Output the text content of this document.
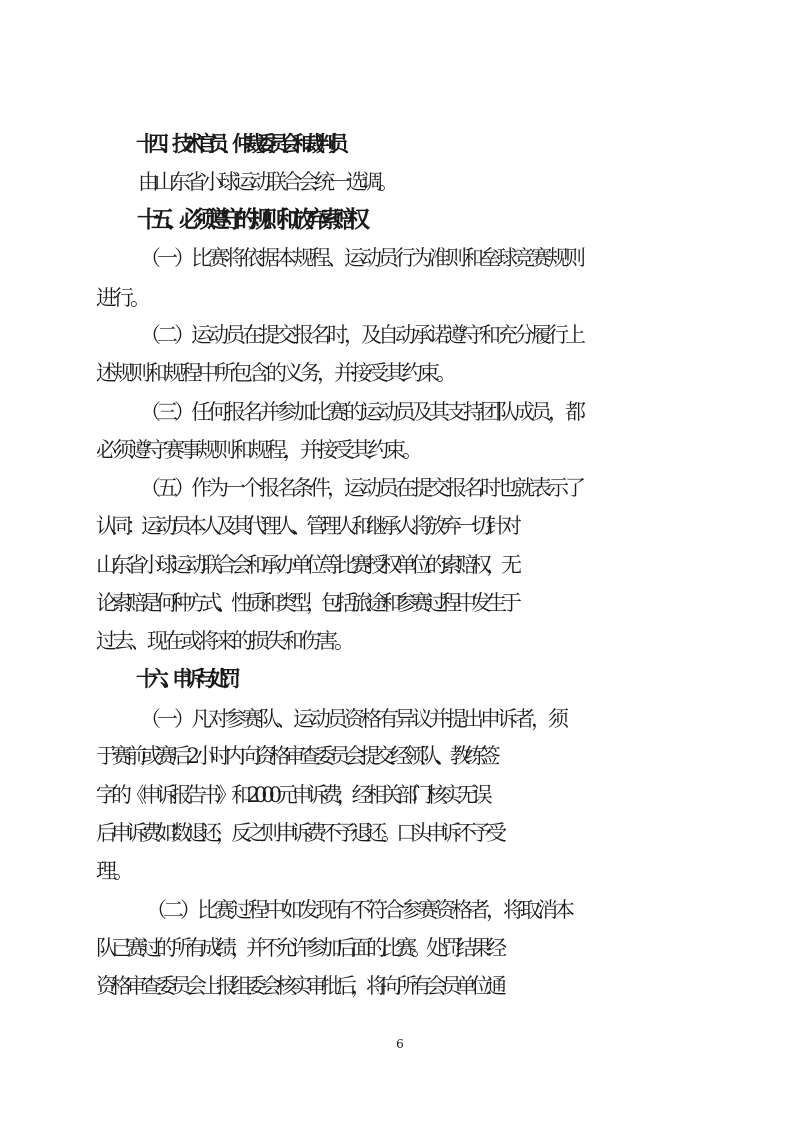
十四、技术官员、仲裁委员会和裁判员
由山东省小球运动联合会统一选调。
十五、必须遵守的规则和放弃索赔权
（一）比赛将依据本规程、运动员行为准则和垒球竞赛规则
进行。
（二）运动员在提交报名时，及自动承诺遵守和充分履行上
述规则和规程中所包含的义务，并接受其约束。
（三）任何报名并参加比赛的运动员及其支持团队成员，都
必须遵守赛事规则和规程，并接受其约束。
（五）作为一个报名条件，运动员在提交报名时也就表示了
认同：运动员本人及其代理人、管理人和继承人将放弃一切针对
山东省小球运动联合会和承办单位等比赛授权单位的索赔权，无
论索赔是何种方式、性质和类型，包括旅途和参赛过程中发生于
过去、现在或将来的损失和伤害。
十六、申诉与处罚
（一）凡对参赛队、运动员资格有异议并提出申诉者，须
于赛前或赛后 2 小时内向资格审查委员会提交经领队、教练签
字的《申诉报告书》和 2000 元申诉费，经相关部门核实无误
后申诉费如数退还，反之则申诉费不予退还。口头申诉不予受
理。
（二）比赛过程中如发现有不符合参赛资格者，将取消本
队已赛过的所有成绩，并不允许参加后面的比赛。处罚结果经
资格审查委员会上报组委会核实审批后，将向所有会员单位通
6
